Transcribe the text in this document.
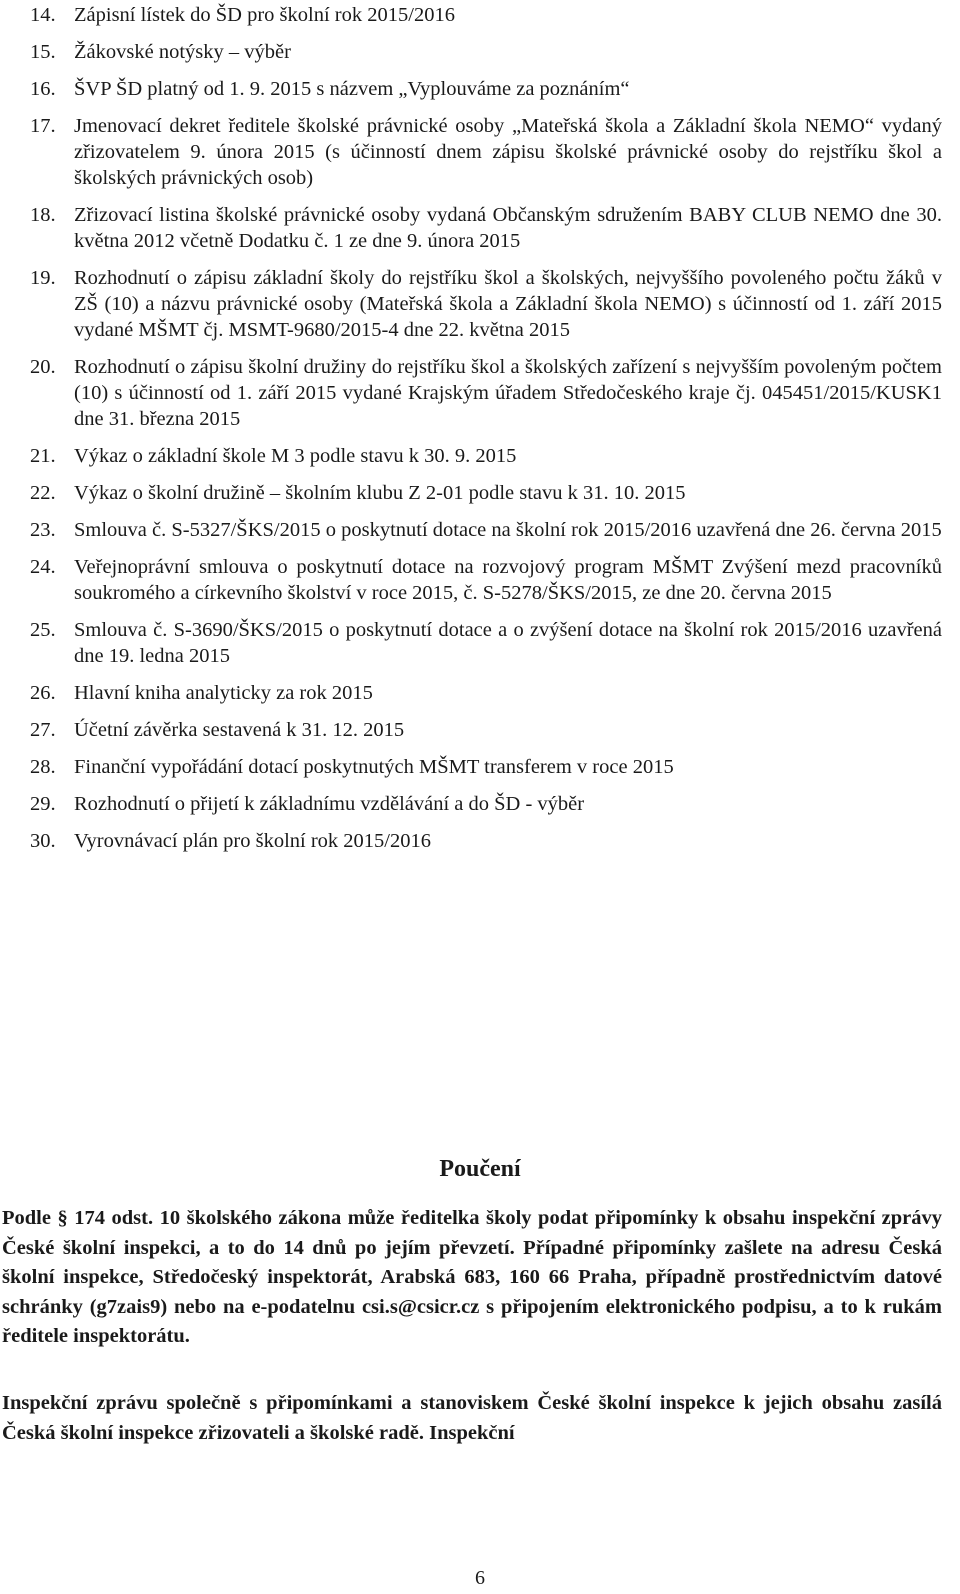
14. Zápisní lístek do ŠD pro školní rok 2015/2016
15. Žákovské notýsky – výběr
16. ŠVP ŠD platný od 1. 9. 2015 s názvem „Vyplouváme za poznáním“
17. Jmenovací dekret ředitele školské právnické osoby „Mateřská škola a Základní škola NEMO“ vydaný zřizovatelem 9. února 2015 (s účinností dnem zápisu školské právnické osoby do rejstříku škol a školských právnických osob)
18. Zřizovací listina školské právnické osoby vydaná Občanským sdružením BABY CLUB NEMO dne 30. května 2012 včetně Dodatku č. 1 ze dne 9. února 2015
19. Rozhodnutí o zápisu základní školy do rejstříku škol a školských, nejvyššího povoleného počtu žáků v ZŠ (10) a názvu právnické osoby (Mateřská škola a Základní škola NEMO) s účinností od 1. září 2015 vydané MŠMT čj. MSMT-9680/2015-4 dne 22. května 2015
20. Rozhodnutí o zápisu školní družiny do rejstříku škol a školských zařízení s nejvyšším povoleným počtem (10) s účinností od 1. září 2015 vydané Krajským úřadem Středočeského kraje čj. 045451/2015/KUSK1 dne 31. března 2015
21. Výkaz o základní škole M 3 podle stavu k 30. 9. 2015
22. Výkaz o školní družině – školním klubu Z 2-01 podle stavu k 31. 10. 2015
23. Smlouva č. S-5327/ŠKS/2015 o poskytnutí dotace na školní rok 2015/2016 uzavřená dne 26. června 2015
24. Veřejnoprávní smlouva o poskytnutí dotace na rozvojový program MŠMT Zvýšení mezd pracovníků soukromého a církevního školství v roce 2015, č. S-5278/ŠKS/2015, ze dne 20. června 2015
25. Smlouva č. S-3690/ŠKS/2015 o poskytnutí dotace a o zvýšení dotace na školní rok 2015/2016 uzavřená dne 19. ledna 2015
26. Hlavní kniha analyticky za rok 2015
27. Účetní závěrka sestavená k 31. 12. 2015
28. Finanční vypořádání dotací poskytnutých MŠMT transferem v roce 2015
29. Rozhodnutí o přijetí k základnímu vzdělávání a do ŠD - výběr
30. Vyrovnávací plán pro školní rok 2015/2016
Poučení
Podle § 174 odst. 10 školského zákona může ředitelka školy podat připomínky k obsahu inspekční zprávy České školní inspekci, a to do 14 dnů po jejím převzetí. Případné připomínky zašlete na adresu Česká školní inspekce, Středočeský inspektorát, Arabská 683, 160 66 Praha, případně prostřednictvím datové schránky (g7zais9) nebo na e-podatelnu csi.s@csicr.cz s připojením elektronického podpisu, a to k rukám ředitele inspektorátu.
Inspekční zprávu společně s připomínkami a stanoviskem České školní inspekce k jejich obsahu zasílá Česká školní inspekce zřizovateli a školské radě. Inspekční
6
